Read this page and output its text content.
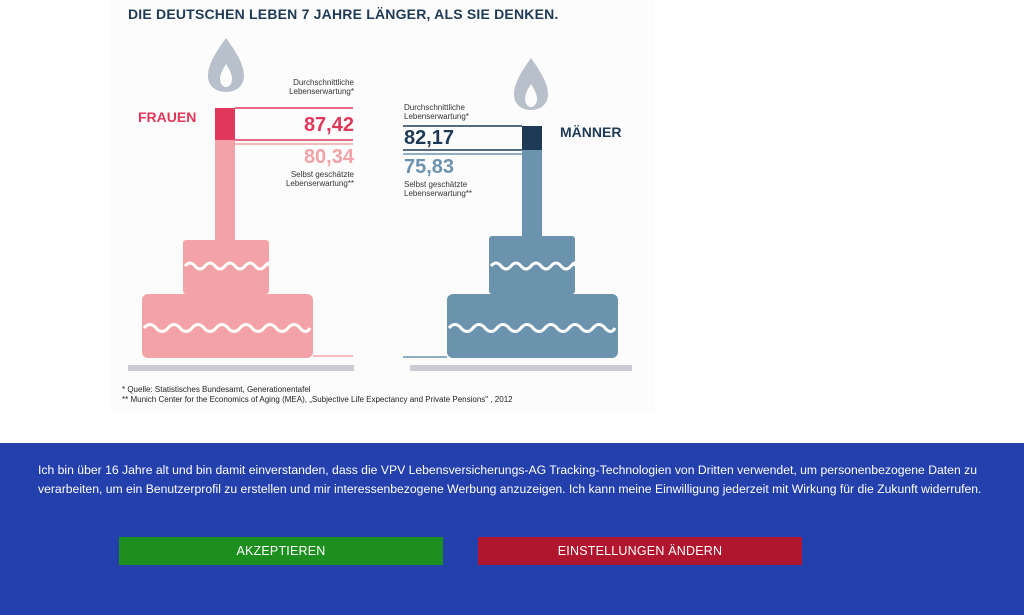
DIE DEUTSCHEN LEBEN 7 JAHRE LÄNGER, ALS SIE DENKEN.
FRAUEN
Durchschnittliche
Lebenserwartung*
87,42
80,34
Selbst geschätzte
Lebenserwartung**
MÄNNER
Durchschnittliche
Lebenserwartung*
82,17
75,83
Selbst geschätzte
Lebenserwartung**
* Quelle: Statistisches Bundesamt, Generationentafel
** Munich Center for the Economics of Aging (MEA), „Subjective Life Expectancy and Private Pensions" , 2012
Ich bin über 16 Jahre alt und bin damit einverstanden, dass die VPV Lebensversicherungs-AG Tracking-Technologien von Dritten verwendet, um personenbezogene Daten zu verarbeiten, um ein Benutzerprofil zu erstellen und mir interessenbezogene Werbung anzuzeigen. Ich kann meine Einwilligung jederzeit mit Wirkung für die Zukunft widerrufen.
AKZEPTIEREN	EINSTELLUNGEN ÄNDERN
